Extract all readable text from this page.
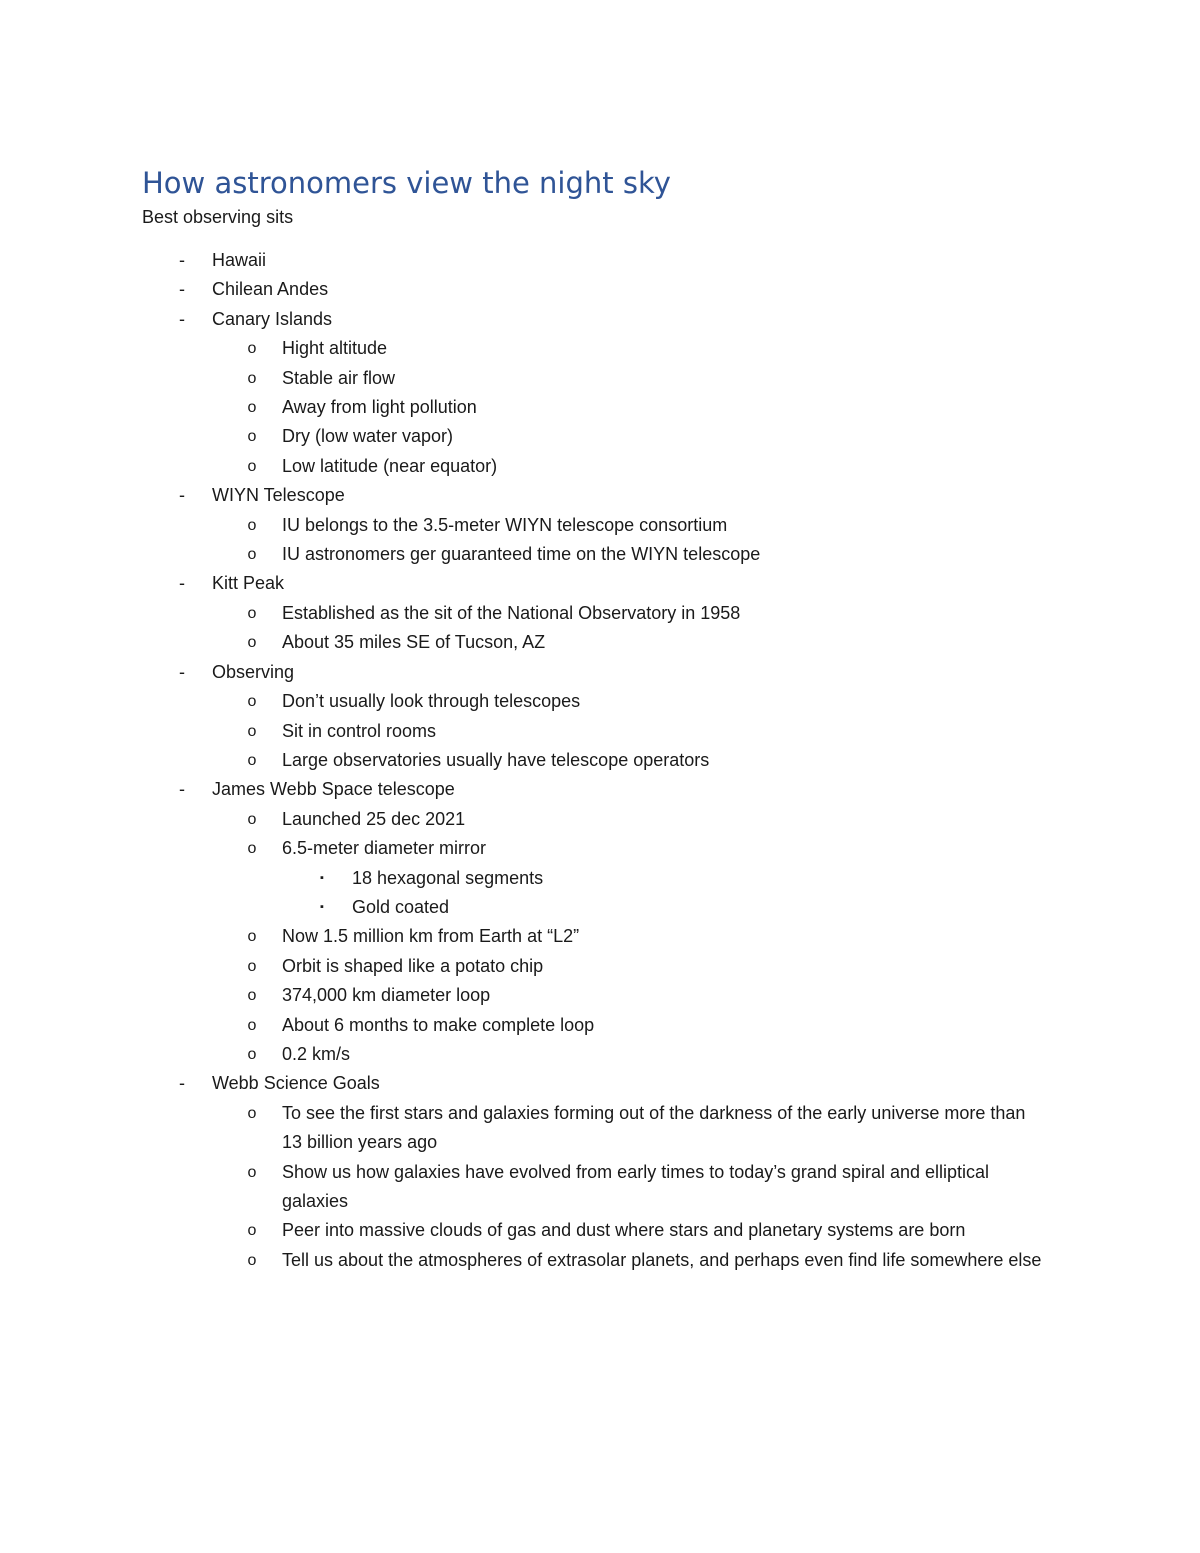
How astronomers view the night sky

Best observing sits

-	Hawaii
-	Chilean Andes
-	Canary Islands
o	Hight altitude
o	Stable air flow
o	Away from light pollution
o	Dry (low water vapor)
o	Low latitude (near equator)
-	WIYN Telescope
o	IU belongs to the 3.5-meter WIYN telescope consortium
o	IU astronomers ger guaranteed time on the WIYN telescope
-	Kitt Peak
o	Established as the sit of the National Observatory in 1958
o	About 35 miles SE of Tucson, AZ
-	Observing
o	Don’t usually look through telescopes
o	Sit in control rooms
o	Large observatories usually have telescope operators
-	James Webb Space telescope
o	Launched 25 dec 2021
o	6.5-meter diameter mirror
▪	18 hexagonal segments
▪	Gold coated
o	Now 1.5 million km from Earth at “L2”
o	Orbit is shaped like a potato chip
o	374,000 km diameter loop
o	About 6 months to make complete loop
o	0.2 km/s
-	Webb Science Goals
o	To see the first stars and galaxies forming out of the darkness of the early universe more than 13 billion years ago
o	Show us how galaxies have evolved from early times to today’s grand spiral and elliptical galaxies
o	Peer into massive clouds of gas and dust where stars and planetary systems are born
o	Tell us about the atmospheres of extrasolar planets, and perhaps even find life somewhere else
